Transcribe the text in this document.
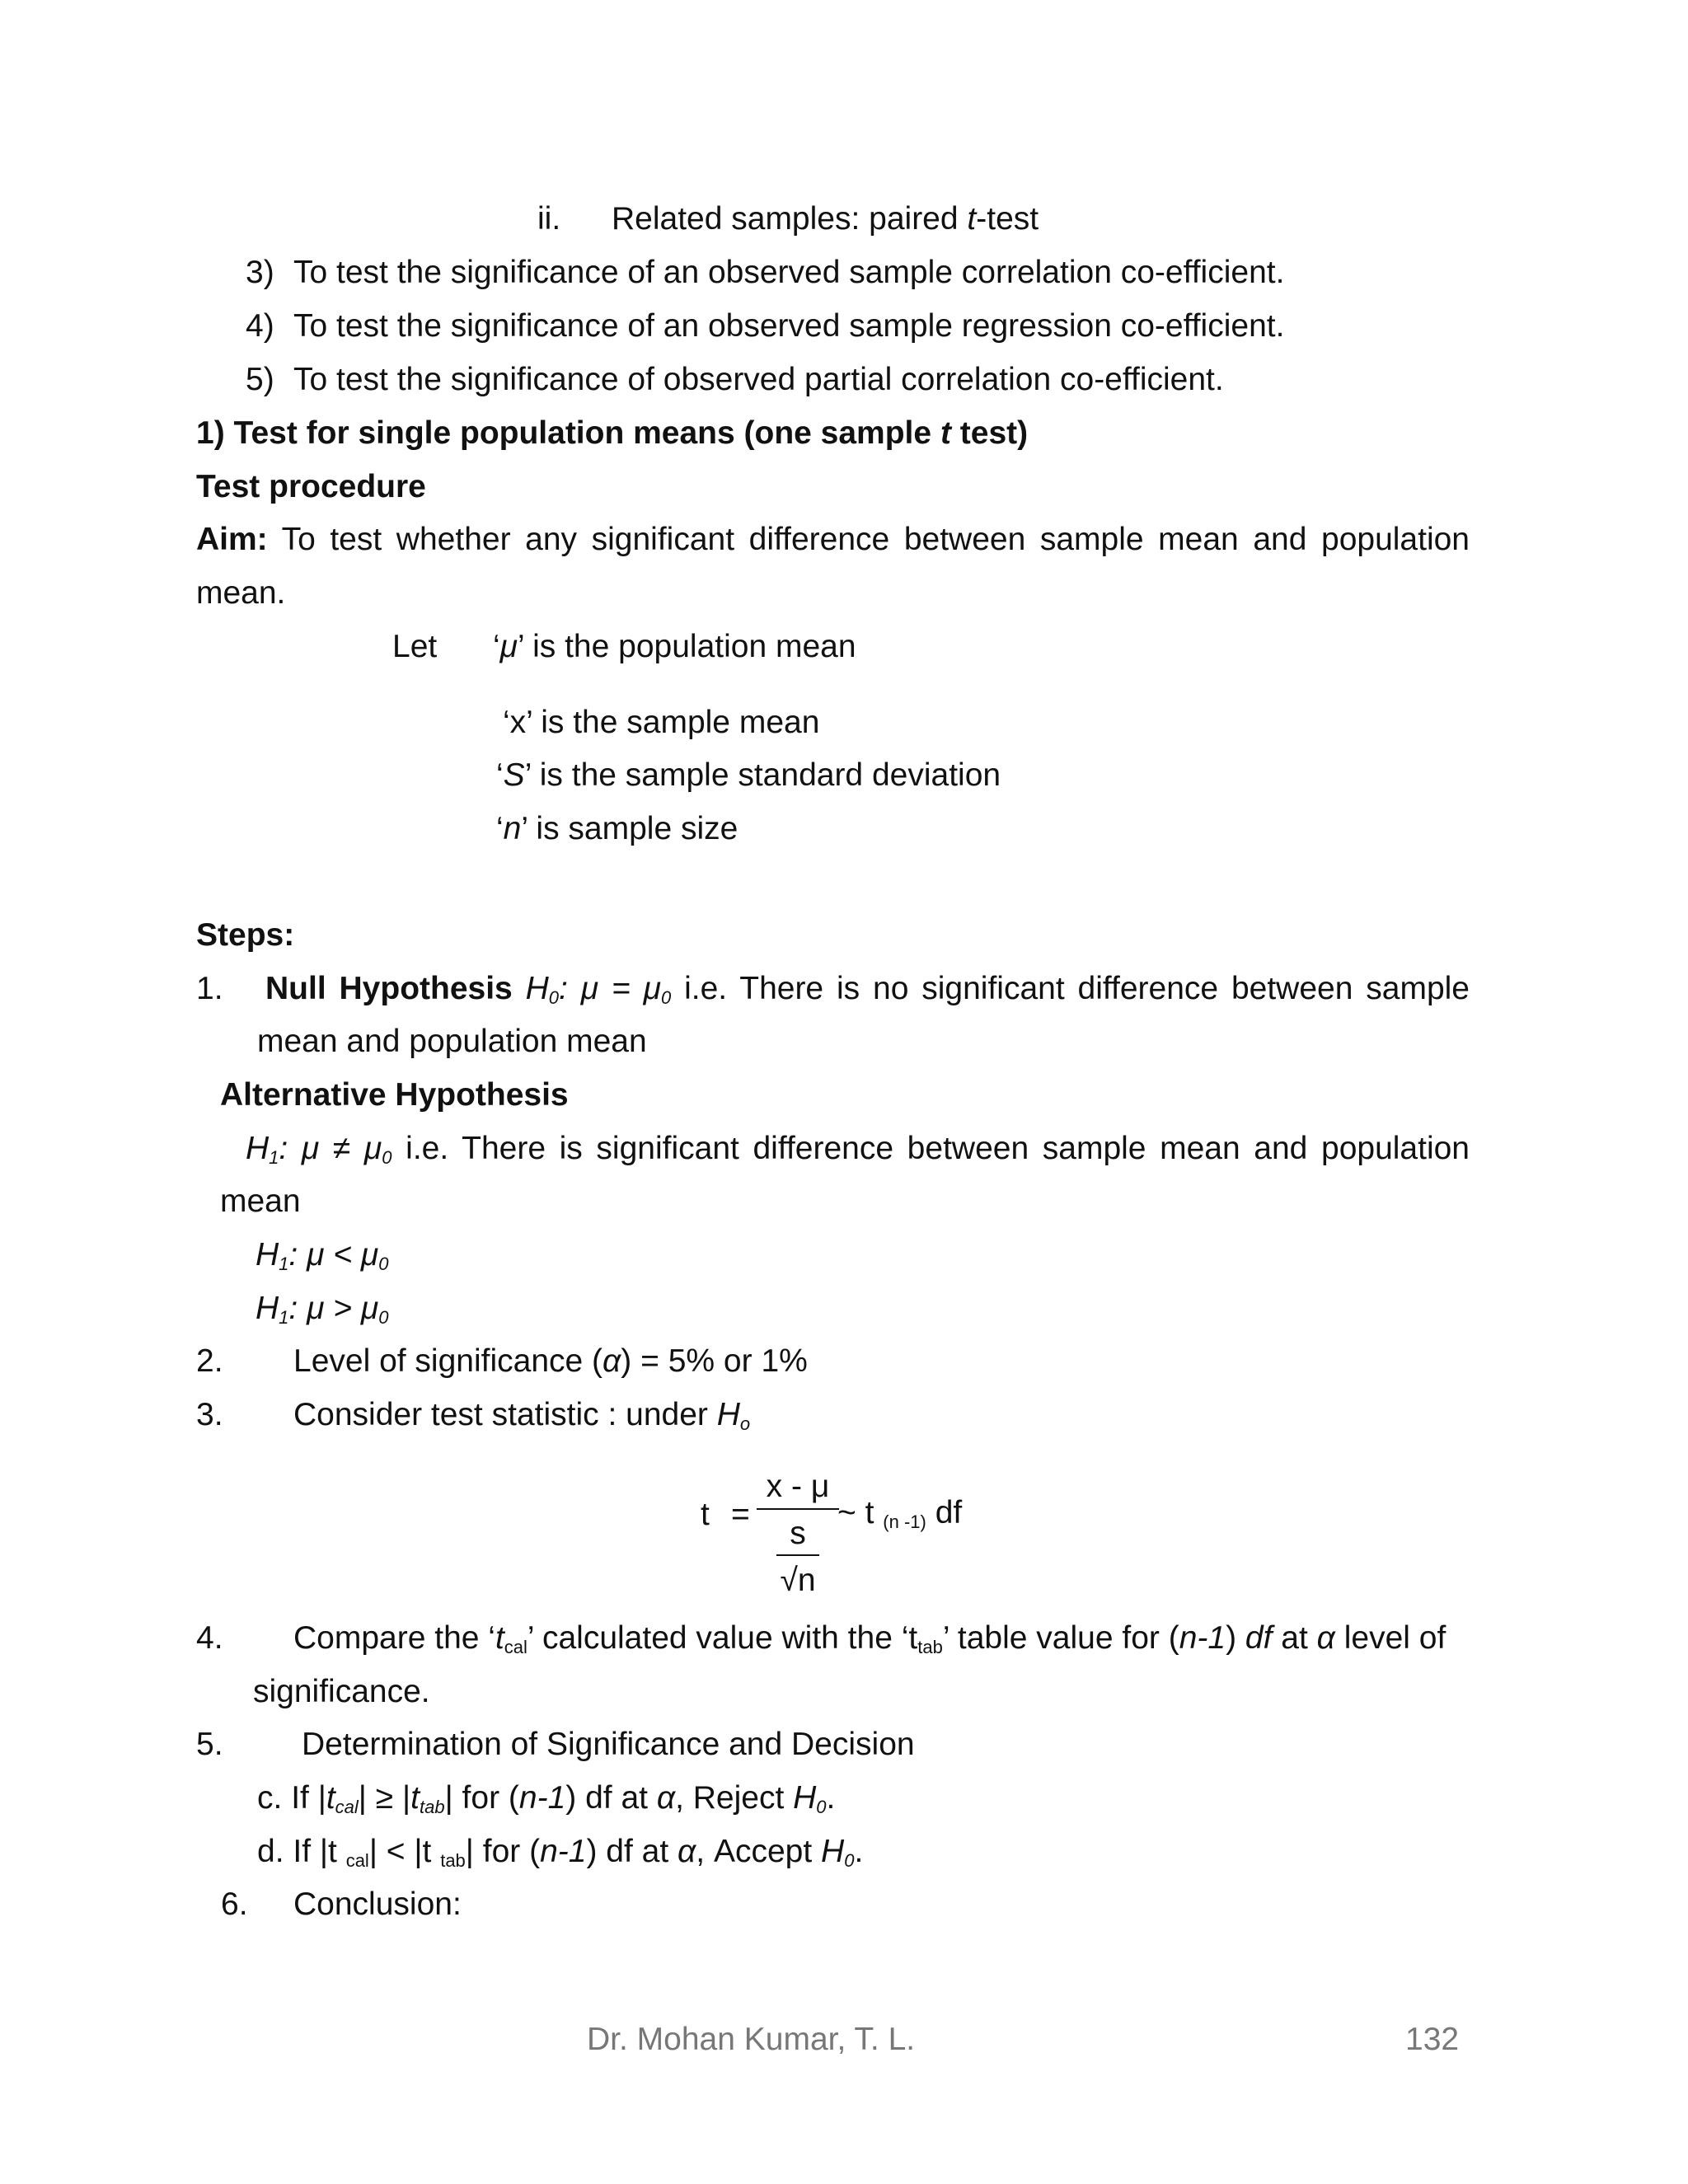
ii. Related samples: paired t-test
3) To test the significance of an observed sample correlation co-efficient.
4) To test the significance of an observed sample regression co-efficient.
5) To test the significance of observed partial correlation co-efficient.
1) Test for single population means (one sample t test)
Test procedure
Aim: To test whether any significant difference between sample mean and population
mean.
Let ‘μ’ is the population mean
‘x’ is the sample mean
‘S’ is the sample standard deviation
‘n’ is sample size
Steps:
1. Null Hypothesis $H_0$: $\mu = \mu_0$ i.e. There is no significant difference between sample
mean and population mean
Alternative Hypothesis
$H_1$: $\mu \ne \mu_0$ i.e. There is significant difference between sample mean and population
mean
$H_1$: $\mu < \mu_0$
$H_1$: $\mu > \mu_0$
2. Level of significance (α) = 5% or 1%
3. Consider test statistic : under $H_o$
t =
x - μ
s
√n
~ t $_{(n -1)}$ df
4. Compare the ‘$t_{cal}$’ calculated value with the ‘$t_{tab}$’ table value for (n-1) df at α level of
significance.
5. Determination of Significance and Decision
c. If $|t_{cal}| \ge |t_{tab}|$ for (n-1) df at α, Reject $H_0$.
d. If |t $_{cal}$| < |t $_{tab}$| for (n-1) df at α, Accept $H_0$.
6. Conclusion:
Dr. Mohan Kumar, T. L.	132
